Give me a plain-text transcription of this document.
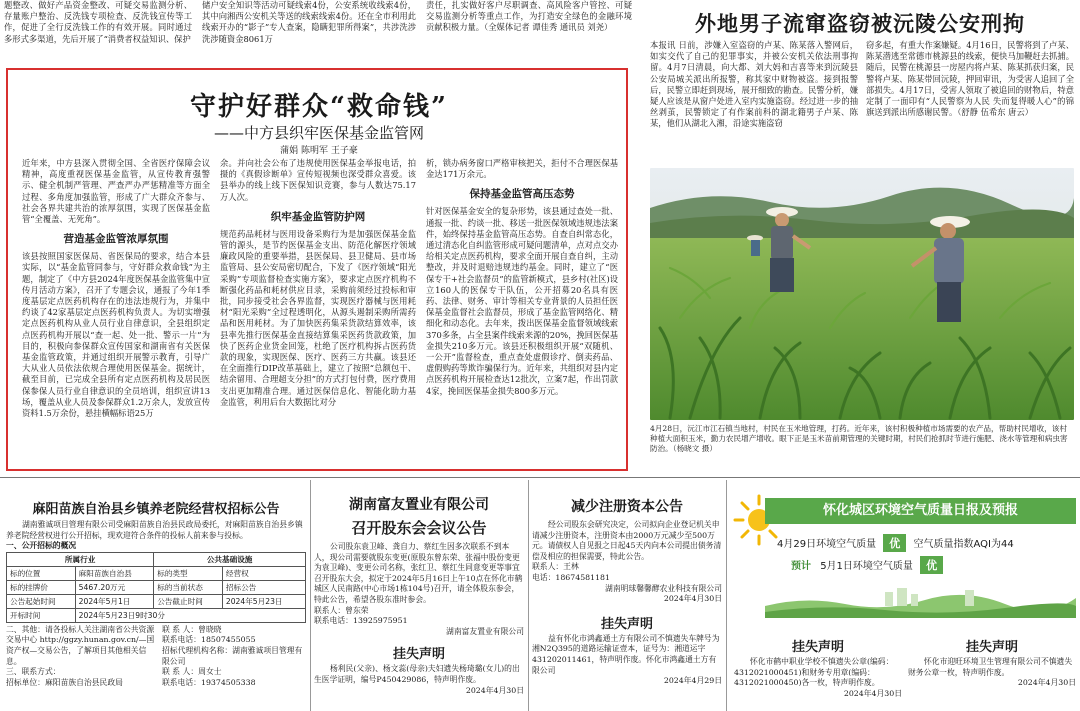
题整改、做好产品资金整改、可疑交易监测分析、存量账户整治、反洗钱专项检查、反洗钱宣传等工作，促进了全行反洗钱工作的有效开展。同时通过多形式多渠道，先后开展了“消费者权益知识、保护
储户安全知识等活动可疑线索4份，公安系统收线索4份，其中向湘西公安机关等送的线索线索4份。还在全市利用此线索开办的“影子”专人查案，隐瞒犯罪所得案”，共涉洗涉洗涉随資金8061万
责任，扎实做好客户尽职调查、高风险客户管控、可疑交易监测分析等重点工作，为打造安全绿色的金融环境贡献积极力量。（全媒体记者 谭佳秀 通讯员 刘尧）
守护好群众“救命钱”
——中方县织牢医保基金监管网
蒲娟 陈明军 王子豪
近年来，中方县深入贯彻全国、全省医疗保障会议精神，高度重视医保基金监管，从宣传教育强警示、健全机制严管理、严查严办严惩精准等方面全过程、多角度加强监管，形成了广大群众齐参与、社会各界共建共治的浓厚氛围，实现了医保基金监管“全覆盖、无死角”。
营造基金监管浓厚氛围
该县按照国家医保局、省医保局的要求，结合本县实际，以“基金监管同参与，守好群众救命钱”为主题，制定了《中方县2024年度医保基金监管集中宣传月活动方案》，召开了专题会议，通报了今年1季度基层定点医药机构存在的违法违规行为，并集中约谈了42家基层定点医药机构负责人。为切实增强定点医药机构从业人员行业自律意识，全县组织定点医药机构开展以“查一起、处一批、警示一片”为目的，积极向参保群众宣传国家和湖南省有关医保基金监管政策，并通过组织开展警示教育，引导广大从业人员依法依规合理使用医保基金。据统计，截至目前，已完成全县所有定点医药机构及居民医保参保人员行业自律意识的全员培训，组织宣讲13场，覆盖从业人员及参保群众1.2万余人，发放宣传资料1.5万余份，悬挂横幅标语25万
余。并向社会公布了违规使用医保基金举报电话，拍摄的《真假诊断单》宣传短视频也深受群众喜爱。该县举办的线上线下医保知识竞赛，参与人数达75.17万人次。
织牢基金监管防护网
规范药品耗材与医用设备采购行为是加强医保基金监管的源头，是节约医保基金支出、防范化解医疗领域廉政风险的重要举措，县医保局、县卫健局、县市场监管局、县公安局密切配合，下发了《医疗领域“阳光采购”专项监督检查实施方案》，要求定点医疗机构不断强化药品和耗材供应目录，采购前须经过投标和审批，同步接受社会各界监督，实现医疗器械与医用耗材“阳光采购”全过程透明化，从源头遏制采购所需药品和医用耗材。为了加快医药集采货款结算效率，该县率先推行医保基金直接结算集采医药货款政策，加快了医药企业货金回笼，杜绝了医疗机构拆占医药货款的现象，实现医保、医疗、医药三方共赢。该县还在全面推行DIP改革基础上，建立了按照“总额包干、结余留用、合理超支分担”的方式打包付费，医疗费用支出更加精准合理。通过医保信息化、智能化助力基金监管，利用后台大数据比对分
析，锁办病务窗口严格审核把关，拒付不合理医保基金达171万余元。
保持基金监管高压态势
针对医保基金安全的复杂形势，该县通过查处一批、通报一批、约谈一批、移送一批医保领域违规违法案件，始终保持基金监管高压态势。自查自纠常态化，通过清态化自纠监管形成可疑问题清单，点对点交办给相关定点医药机构，要求全面开展自查自纠，主动整改，并及时退赔违规违约基金。同时，建立了“医保专干+社会监督员”的监管新模式，县乡村(社区)设立160人的医保专干队伍，公开招募20名具有医药、法律、财务、审计等相关专业背景的人员担任医保基金监督社会监督员，形成了基金监管网络化、精细化和动态化。去年来，拨出医保基金监督领域线索370多条，占全县案件线索来源的20%，挽回医保基金损失210多万元。该县还积极组织开展“双随机、一公开”监督检查，重点查处虚假诊疗、倒卖药品、虚假购药等欺诈骗保行为。近年来，共组织对县内定点医药机构开展检查达12批次，立案7起，作出罚款4家，挽回医保基金损失800多万元。
外地男子流窜盗窃被沅陵公安刑拘
本报讯 日前，涉嫌入室盗窃的卢某、陈某落入警网后，如实交代了自己的犯罪事实，并被公安机关依法刑事拘留。4月7日清晨，向大都、刘大妈和吉喜等来到沅陵县公安局城关派出所报警，称其家中财物被盗。接到报警后，民警立即赶到现场，展开细致的勘查。民警分析，嫌疑人应该是从窗户处进入室内实施盗窃。经过进一步的抽丝剥茧，民警锁定了有作案前科的湖北籍男子卢某、陈某，他们从湖北入湘，沿途实施盗窃
窃多起，有重大作案嫌疑。4月16日，民警将到了卢某、陈某潜逃至常德市桃源县的线索，便快马加鞭赶去抓捕。随后，民警在桃源县一房屋内将卢某、陈某抓获归案，民警将卢某、陈某带回沅陵，押回审讯，为受害人追回了全部损失。4月17日，受害人领取了被追回的财物后，特意定制了一面印有“人民警察为人民 失而复得暖人心”的锦旗送到派出所感谢民警。（舒静 伍希东 唐云）
4月28日，沅江市江石镇当地村，村民在玉米地管理，打药。近年来，该村积极种植市场需要的农产品，帮助村民增收，该村种植大面积玉米，勤力农民增产增收。眼下正是玉米苗前期管理的关键时期，村民们抢抓时节进行施肥、浇水等管理和病虫害防治。（杨晓文 摄）
麻阳苗族自治县乡镇养老院经营权招标公告
湖南雅诚项目管理有限公司受麻阳苗族自治县民政局委托，对麻阳苗族自治县乡镇养老院经营权进行公开招标，现欢迎符合条件的投标人前来参与投标。
一、公开招标的概况
所属行业		公共基础设施	
标的位置	麻阳苗族自治县	标的类型	经营权
标的挂牌价	5467.20万元	标的当前状态	招标公告
公告起始时间	2024年5月1日	公告截止时间	2024年5月23日
开标时间	2024年5月23日9时30分		
二、其他：请各投标人关注湖南省公共资源交易中心 http://ggzy.hunan.gov.cn/—国资产权—交易公告，了解项目其他相关信息。
三、联系方式：
招标单位：麻阳苗族自治县民政局
联 系 人：曾晓晓
联系电话：18507455055
招标代理机构名称：湖南雅诚项目管理有限公司
联 系 人：周女士
联系电话：19374505338
湖南富友置业有限公司
召开股东会会议公告
公司股东袁卫峰、龚自力、蔡红生因多次联系不到本人，现公司需要就股东变更(原股东曾东荣、张福中股份变更为袁卫峰)、变更公司名称，张红卫、蔡红生同意变更等事宜召开股东大会，拟定于2024年5月16日上午10点在怀化市鹤城区人民南路(中心市场1栋104号)召开，请全体股东参会，特此公告，希望各股东准时参会。
联系人：曾东荣
联系电话：13925975951
湖南富友置业有限公司
挂失声明
杨利民(父亲)、杨文蕊(母亲)夫妇遗失杨琦璐(女儿)的出生医学证明，编号P450429086，特声明作废。
2024年4月30日
减少注册资本公告
经公司股东会研究决定，公司拟向企业登记机关申请减少注册资本，注册资本由2000万元减少至500万元。请债权人自见报之日起45天内向本公司提出债务清偿及相应的担保需要，特此公告。
联系人：王林
电话：18674581181
湖南明球馨馨酵农业科技有限公司
2024年4月30日
挂失声明
益有怀化市鸿鑫通土方有限公司不慎遗失车牌号为湘N2Q395的道路运输证壹本，证号为：湘道运字431202011461，特声明作废。怀化市鸿鑫通土方有限公司
2024年4月29日
怀化城区环境空气质量日报及预报
4月29日环境空气质量 优 空气质量指数AQI为44
预计 5月1日环境空气质量 优
挂失声明
怀化市鹤中职业学校不慎遗失公章(编码：4312021000451)和财务专用章(编码：4312021000450)各一枚，特声明作废。
2024年4月30日
挂失声明
怀化市迎旺环境卫生管理有限公司不慎遗失财务公章一枚，特声明作废。
2024年4月30日
